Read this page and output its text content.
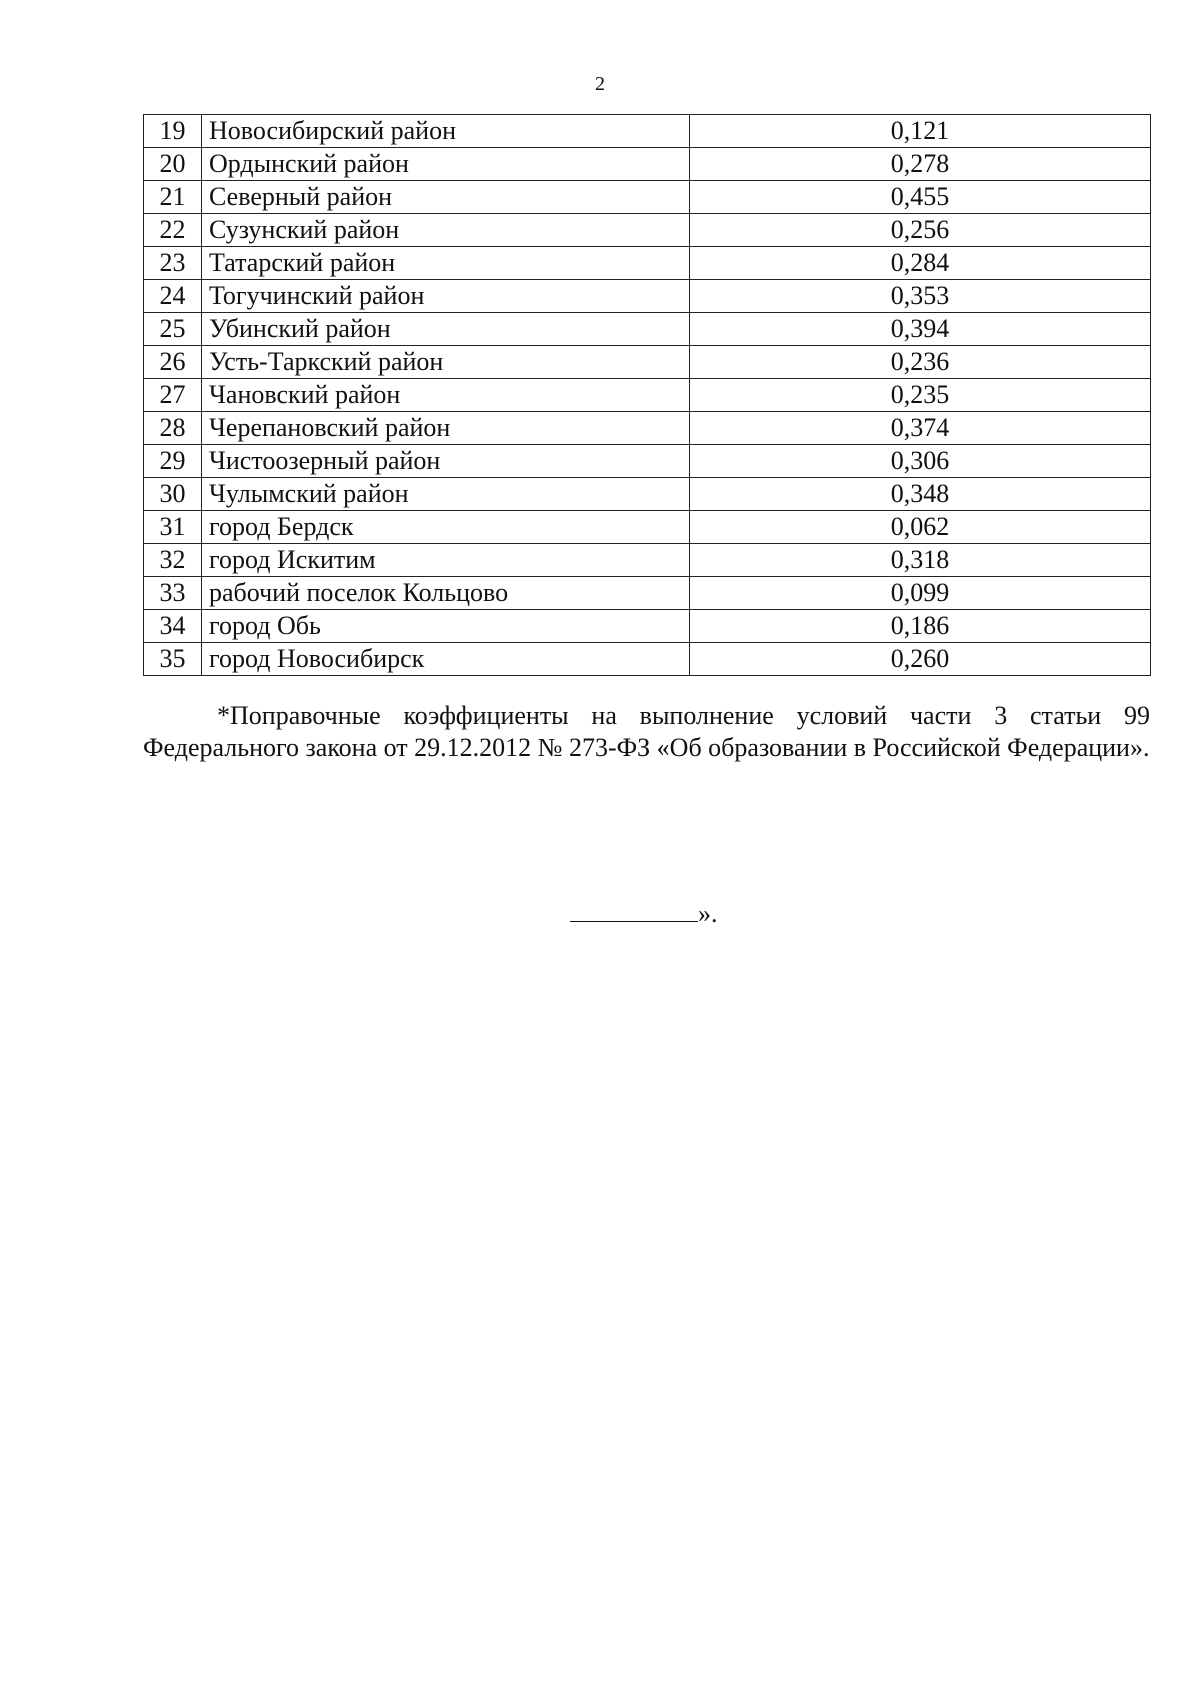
2
19	Новосибирский район	0,121
20	Ордынский район	0,278
21	Северный район	0,455
22	Сузунский район	0,256
23	Татарский район	0,284
24	Тогучинский район	0,353
25	Убинский район	0,394
26	Усть-Таркский район	0,236
27	Чановский район	0,235
28	Черепановский район	0,374
29	Чистоозерный район	0,306
30	Чулымский район	0,348
31	город Бердск	0,062
32	город Искитим	0,318
33	рабочий поселок Кольцово	0,099
34	город Обь	0,186
35	город Новосибирск	0,260

*Поправочные коэффициенты на выполнение условий части 3 статьи 99 Федерального закона от 29.12.2012 № 273-ФЗ «Об образовании в Российской Федерации».

».
